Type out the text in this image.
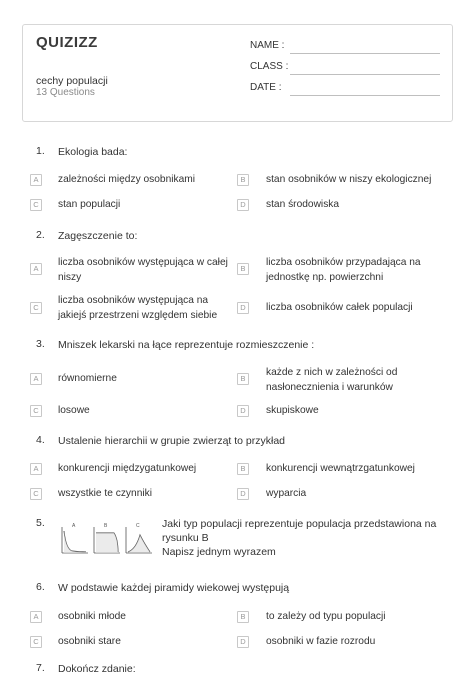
QUIZIZZ
cechy populacji
13 Questions
NAME :
CLASS :
DATE :
1. Ekologia bada:
A	zależności między osobnikami	B	stan osobników w niszy ekologicznej
C	stan populacji	D	stan środowiska
2. Zagęszczenie to:
A
liczba osobników występująca w całej niszy
B
liczba osobników przypadająca na jednostkę np. powierzchni
C
liczba osobników występująca na jakiejś przestrzeni względem siebie
D	liczba osobników całek populacji
3. Mniszek lekarski na łące reprezentuje rozmieszczenie :
A	równomierne	B
każde z nich w zależności od nasłonecznienia i warunków
C	losowe	D	skupiskowe
4. Ustalenie hierarchii w grupie zwierząt to przykład
A	konkurencji międzygatunkowej	B	konkurencji wewnątrzgatunkowej
C	wszystkie te czynniki	D	wyparcia
5.	A	B	C Jaki typ populacji reprezentuje populacja przedstawiona na rysunku B
Napisz jednym wyrazem
6. W podstawie każdej piramidy wiekowej występują
A	osobniki młode	B	to zależy od typu populacji
C	osobniki stare	D	osobniki w fazie rozrodu
7. Dokończ zdanie:
